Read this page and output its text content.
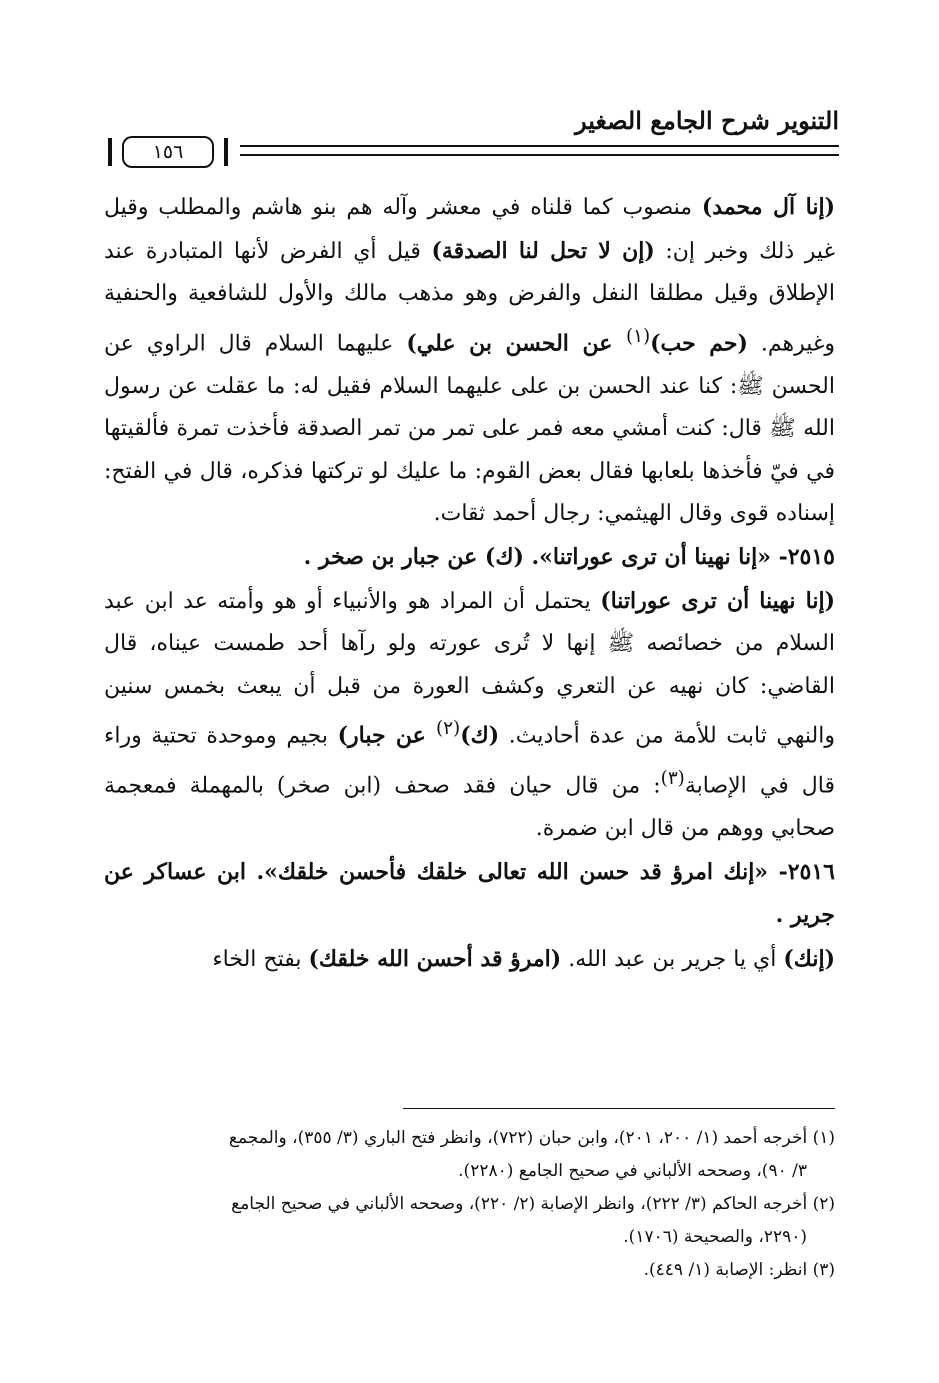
التنوير شرح الجامع الصغير
١٥٦

(إنا آل محمد) منصوب كما قلناه في معشر وآله هم بنو هاشم والمطلب وقيل غير ذلك وخبر إن: (إن لا تحل لنا الصدقة) قيل أي الفرض لأنها المتبادرة عند الإطلاق وقيل مطلقا النفل والفرض وهو مذهب مالك والأول للشافعية والحنفية وغيرهم. (حم حب)$^{(١)}$ عن الحسن بن علي) عليهما السلام قال الراوي عن الحسن ﷺ: كنا عند الحسن بن على عليهما السلام فقيل له: ما عقلت عن رسول الله ﷺ قال: كنت أمشي معه فمر على تمر من تمر الصدقة فأخذت تمرة فألقيتها في فيّ فأخذها بلعابها فقال بعض القوم: ما عليك لو تركتها فذكره، قال في الفتح: إسناده قوى وقال الهيثمي: رجال أحمد ثقات.

٢٥١٥- «إنا نهينا أن ترى عوراتنا». (ك) عن جبار بن صخر .

(إنا نهينا أن ترى عوراتنا) يحتمل أن المراد هو والأنبياء أو هو وأمته عد ابن عبد السلام من خصائصه ﷺ إنها لا تُرى عورته ولو رآها أحد طمست عيناه، قال القاضي: كان نهيه عن التعري وكشف العورة من قبل أن يبعث بخمس سنين والنهي ثابت للأمة من عدة أحاديث. (ك)$^{(٢)}$ عن جبار) بجيم وموحدة تحتية وراء قال في الإصابة$^{(٣)}$: من قال حيان فقد صحف (ابن صخر) بالمهملة فمعجمة صحابي ووهم من قال ابن ضمرة.

٢٥١٦- «إنك امرؤ قد حسن الله تعالى خلقك فأحسن خلقك». ابن عساكر عن جرير .

(إنك) أي يا جرير بن عبد الله. (امرؤ قد أحسن الله خلقك) بفتح الخاء

(١) أخرجه أحمد (١/ ٢٠٠، ٢٠١)، وابن حبان (٧٢٢)، وانظر فتح الباري (٣/ ٣٥٥)، والمجمع

٣/ ٩٠)، وصححه الألباني في صحيح الجامع (٢٢٨٠).

(٢) أخرجه الحاكم (٣/ ٢٢٢)، وانظر الإصابة (٢/ ٢٢٠)، وصححه الألباني في صحيح الجامع

(٢٢٩٠، والصحيحة (١٧٠٦).

(٣) انظر: الإصابة (١/ ٤٤٩).
